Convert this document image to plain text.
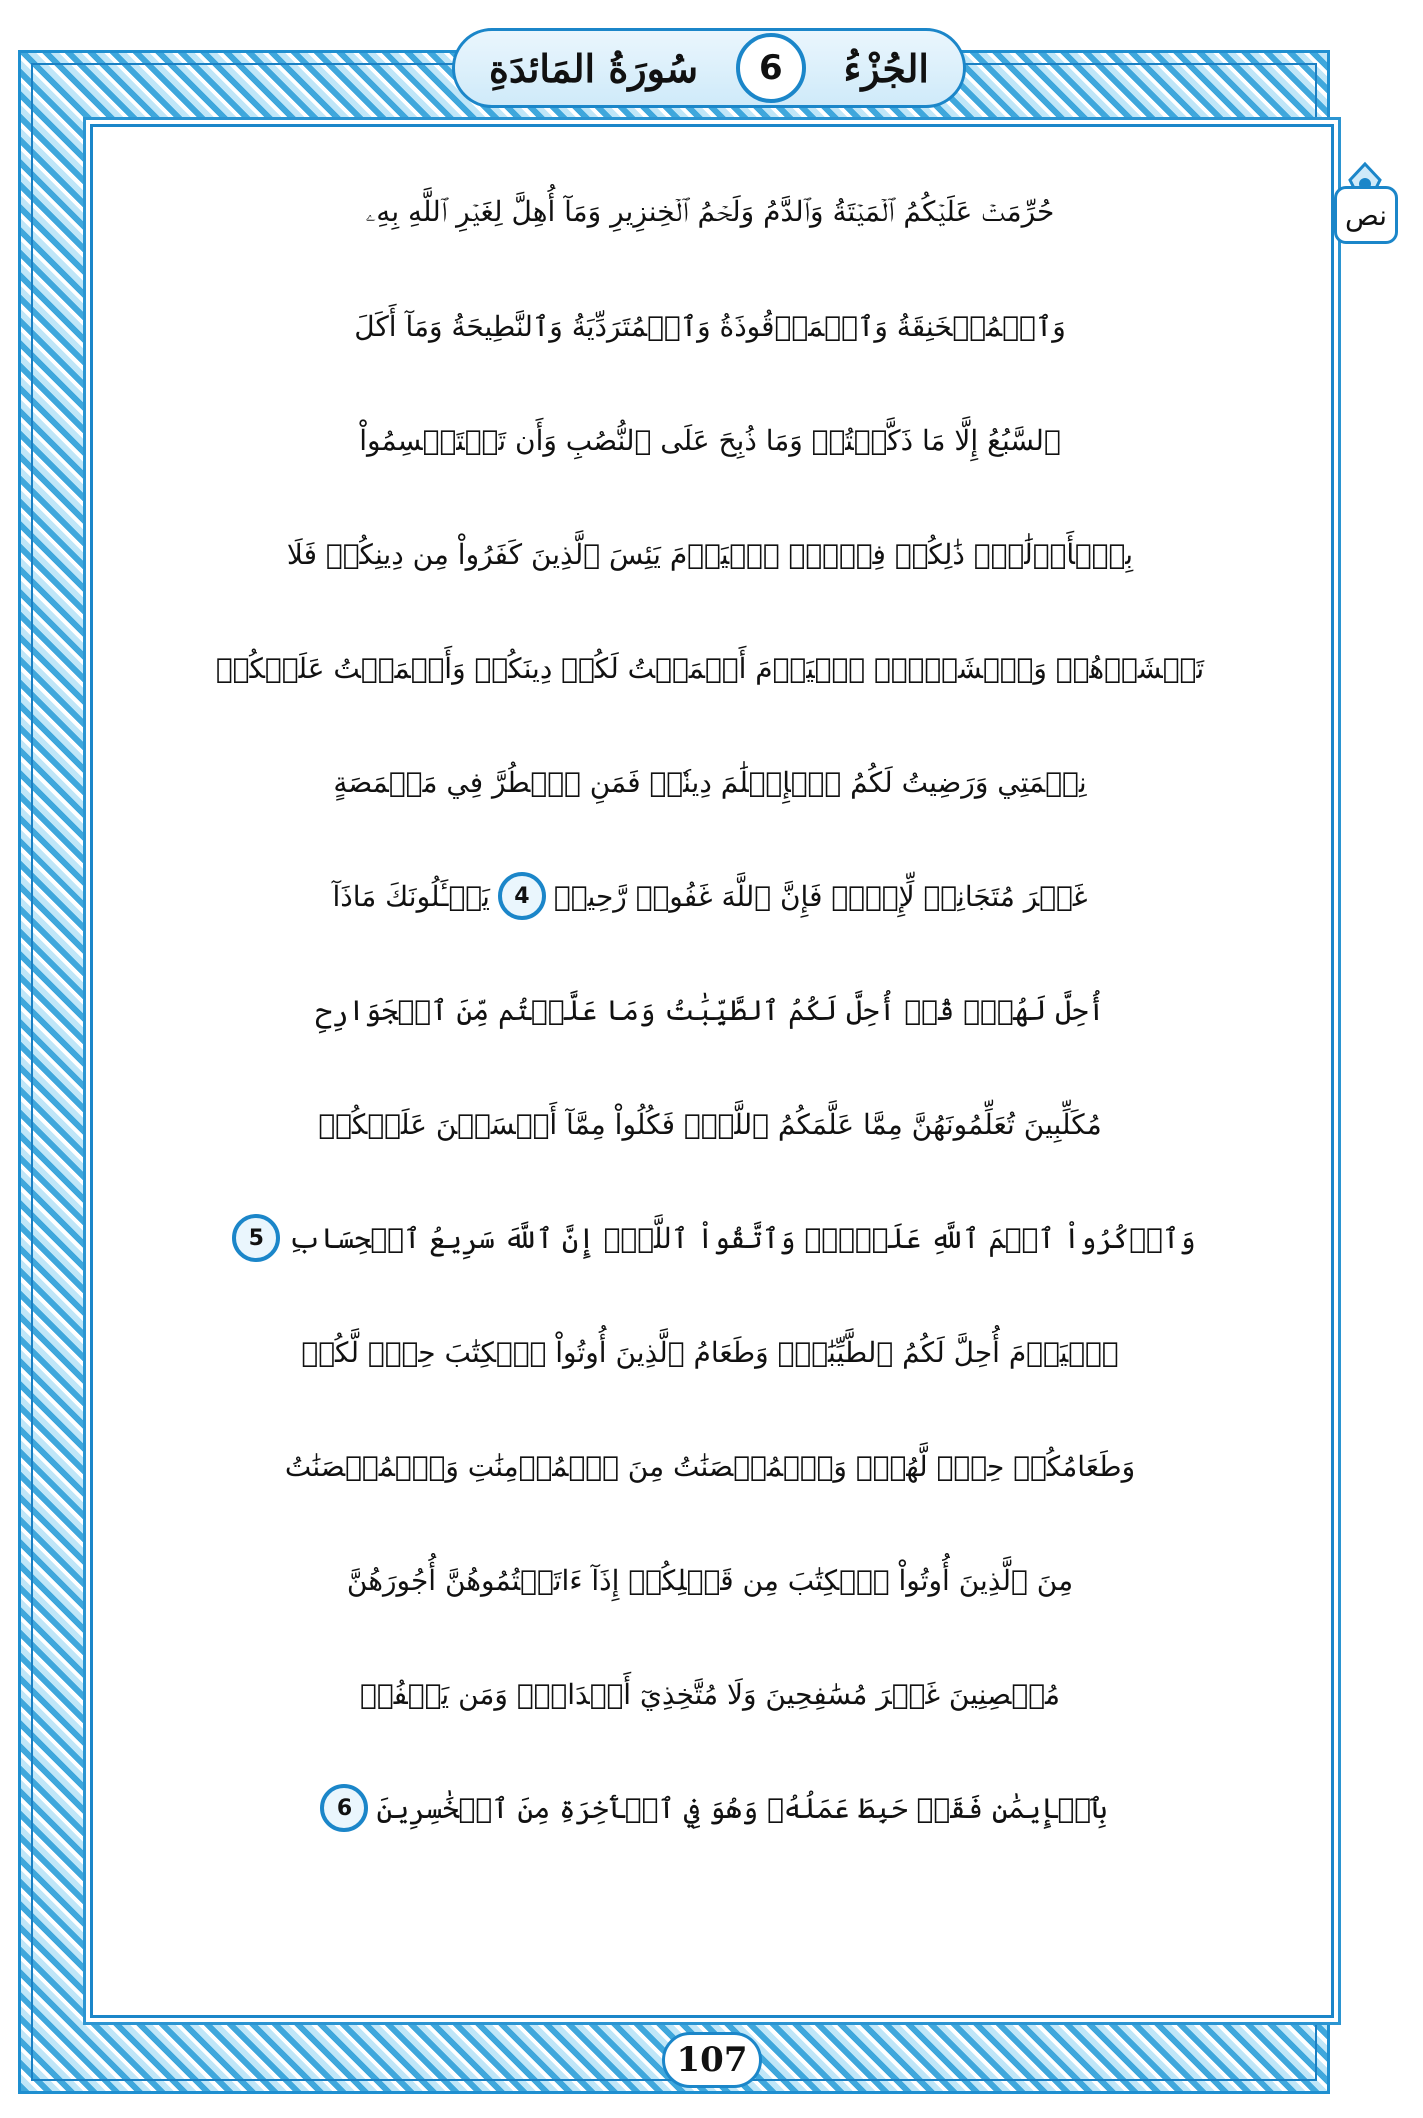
سُورَةُ المَائدَةِ	6	الجُزْءُ
نص
حُرِّمَتۡ عَلَيۡكُمُ ٱلۡمَيۡتَةُ وَٱلدَّمُ وَلَحۡمُ ٱلۡخِنزِيرِ وَمَآ أُهِلَّ لِغَيۡرِ ٱللَّهِ بِهِۦ
وَٱلۡمُنۡخَنِقَةُ وَٱلۡمَوۡقُوذَةُ وَٱلۡمُتَرَدِّيَةُ وَٱلنَّطِيحَةُ وَمَآ أَكَلَ
ٱلسَّبُعُ إِلَّا مَا ذَكَّيۡتُمۡ وَمَا ذُبِحَ عَلَى ٱلنُّصُبِ وَأَن تَسۡتَقۡسِمُواْ
بِٱلۡأَزۡلَٰمِۚ ذَٰلِكُمۡ فِسۡقٌۗ ٱلۡيَوۡمَ يَئِسَ ٱلَّذِينَ كَفَرُواْ مِن دِينِكُمۡ فَلَا
تَخۡشَوۡهُمۡ وَٱخۡشَوۡنِۚ ٱلۡيَوۡمَ أَكۡمَلۡتُ لَكُمۡ دِينَكُمۡ وَأَتۡمَمۡتُ عَلَيۡكُمۡ
نِعۡمَتِي وَرَضِيتُ لَكُمُ ٱلۡإِسۡلَٰمَ دِينٗاۚ فَمَنِ ٱضۡطُرَّ فِي مَخۡمَصَةٍ
غَيۡرَ مُتَجَانِفٖ لِّإِثۡمٖ فَإِنَّ ٱللَّهَ غَفُورٞ رَّحِيمٞ
4
يَسۡـَٔلُونَكَ مَاذَآ
أُحِلَّ لَهُمۡۖ قُلۡ أُحِلَّ لَكُمُ ٱلطَّيِّبَٰتُ وَمَا عَلَّمۡتُم مِّنَ ٱلۡجَوَارِحِ
مُكَلِّبِينَ تُعَلِّمُونَهُنَّ مِمَّا عَلَّمَكُمُ ٱللَّهُۖ فَكُلُواْ مِمَّآ أَمۡسَكۡنَ عَلَيۡكُمۡ
وَٱذۡكُرُواْ ٱسۡمَ ٱللَّهِ عَلَيۡهِۖ وَٱتَّقُواْ ٱللَّهَۚ إِنَّ ٱللَّهَ سَرِيعُ ٱلۡحِسَابِ
5
ٱلۡيَوۡمَ أُحِلَّ لَكُمُ ٱلطَّيِّبَٰتُۖ وَطَعَامُ ٱلَّذِينَ أُوتُواْ ٱلۡكِتَٰبَ حِلّٞ لَّكُمۡ
وَطَعَامُكُمۡ حِلّٞ لَّهُمۡۖ وَٱلۡمُحۡصَنَٰتُ مِنَ ٱلۡمُؤۡمِنَٰتِ وَٱلۡمُحۡصَنَٰتُ
مِنَ ٱلَّذِينَ أُوتُواْ ٱلۡكِتَٰبَ مِن قَبۡلِكُمۡ إِذَآ ءَاتَيۡتُمُوهُنَّ أُجُورَهُنَّ
مُحۡصِنِينَ غَيۡرَ مُسَٰفِحِينَ وَلَا مُتَّخِذِيٓ أَخۡدَانٖۗ وَمَن يَكۡفُرۡ
بِٱلۡإِيمَٰنِ فَقَدۡ حَبِطَ عَمَلُهُۥ وَهُوَ فِي ٱلۡأٓخِرَةِ مِنَ ٱلۡخَٰسِرِينَ
6
107
